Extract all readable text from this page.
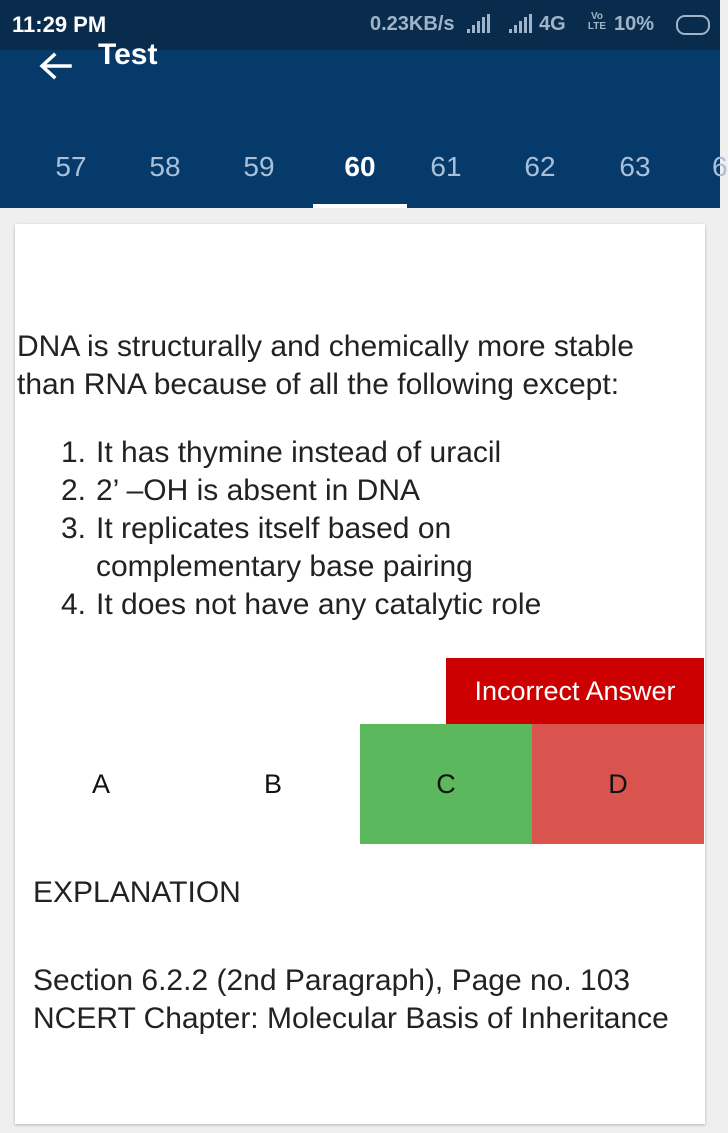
11:29 PM	0.23KB/s	4G	Vo LTE 10%
Test
57	58	59	60	61	62	63	6
DNA is structurally and chemically more stable than RNA because of all the following except:
1. It has thymine instead of uracil
2. 2’ –OH is absent in DNA
3. It replicates itself based on complementary base pairing
4. It does not have any catalytic role
Incorrect Answer
A	B	C	D
EXPLANATION
Section 6.2.2 (2nd Paragraph), Page no. 103 NCERT Chapter: Molecular Basis of Inheritance
